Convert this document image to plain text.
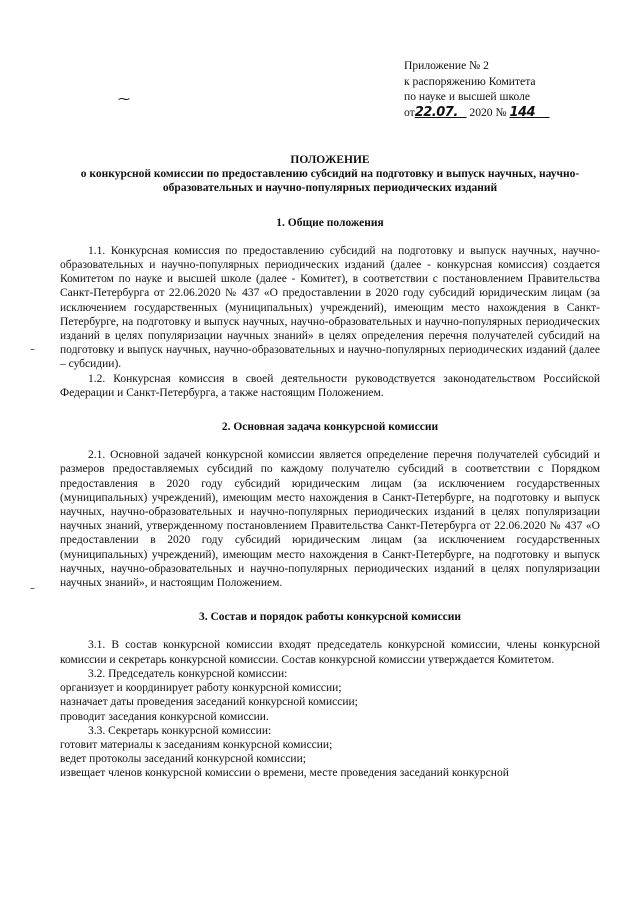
Приложение № 2
к распоряжению Комитета
по науке и высшей школе
от22.07. 2020 № 144
⁓
–
–
ПОЛОЖЕНИЕ
о конкурсной комиссии по предоставлению субсидий на подготовку и выпуск научных, научно-образовательных и научно-популярных периодических изданий
1. Общие положения

1.1. Конкурсная комиссия по предоставлению субсидий на подготовку и выпуск научных, научно-образовательных и научно-популярных периодических изданий (далее - конкурсная комиссия) создается Комитетом по науке и высшей школе (далее - Комитет), в соответствии с постановлением Правительства Санкт-Петербурга от 22.06.2020 № 437 «О предоставлении в 2020 году субсидий юридическим лицам (за исключением государственных (муниципальных) учреждений), имеющим место нахождения в Санкт-Петербурге, на подготовку и выпуск научных, научно-образовательных и научно-популярных периодических изданий в целях популяризации научных знаний» в целях определения перечня получателей субсидий на подготовку и выпуск научных, научно-образовательных и научно-популярных периодических изданий (далее – субсидии).

1.2. Конкурсная комиссия в своей деятельности руководствуется законодательством Российской Федерации и Санкт-Петербурга, а также настоящим Положением.

2. Основная задача конкурсной комиссии

2.1. Основной задачей конкурсной комиссии является определение перечня получателей субсидий и размеров предоставляемых субсидий по каждому получателю субсидий в соответствии с Порядком предоставления в 2020 году субсидий юридическим лицам (за исключением государственных (муниципальных) учреждений), имеющим место нахождения в Санкт-Петербурге, на подготовку и выпуск научных, научно-образовательных и научно-популярных периодических изданий в целях популяризации научных знаний, утвержденному постановлением Правительства Санкт-Петербурга от 22.06.2020 № 437 «О предоставлении в 2020 году субсидий юридическим лицам (за исключением государственных (муниципальных) учреждений), имеющим место нахождения в Санкт-Петербурге, на подготовку и выпуск научных, научно-образовательных и научно-популярных периодических изданий в целях популяризации научных знаний», и настоящим Положением.

3. Состав и порядок работы конкурсной комиссии

3.1. В состав конкурсной комиссии входят председатель конкурсной комиссии, члены конкурсной комиссии и секретарь конкурсной комиссии. Состав конкурсной комиссии утверждается Комитетом.

3.2. Председатель конкурсной комиссии:

организует и координирует работу конкурсной комиссии;

назначает даты проведения заседаний конкурсной комиссии;

проводит заседания конкурсной комиссии.

3.3. Секретарь конкурсной комиссии:

готовит материалы к заседаниям конкурсной комиссии;

ведет протоколы заседаний конкурсной комиссии;

извещает членов конкурсной комиссии о времени, месте проведения заседаний конкурсной
